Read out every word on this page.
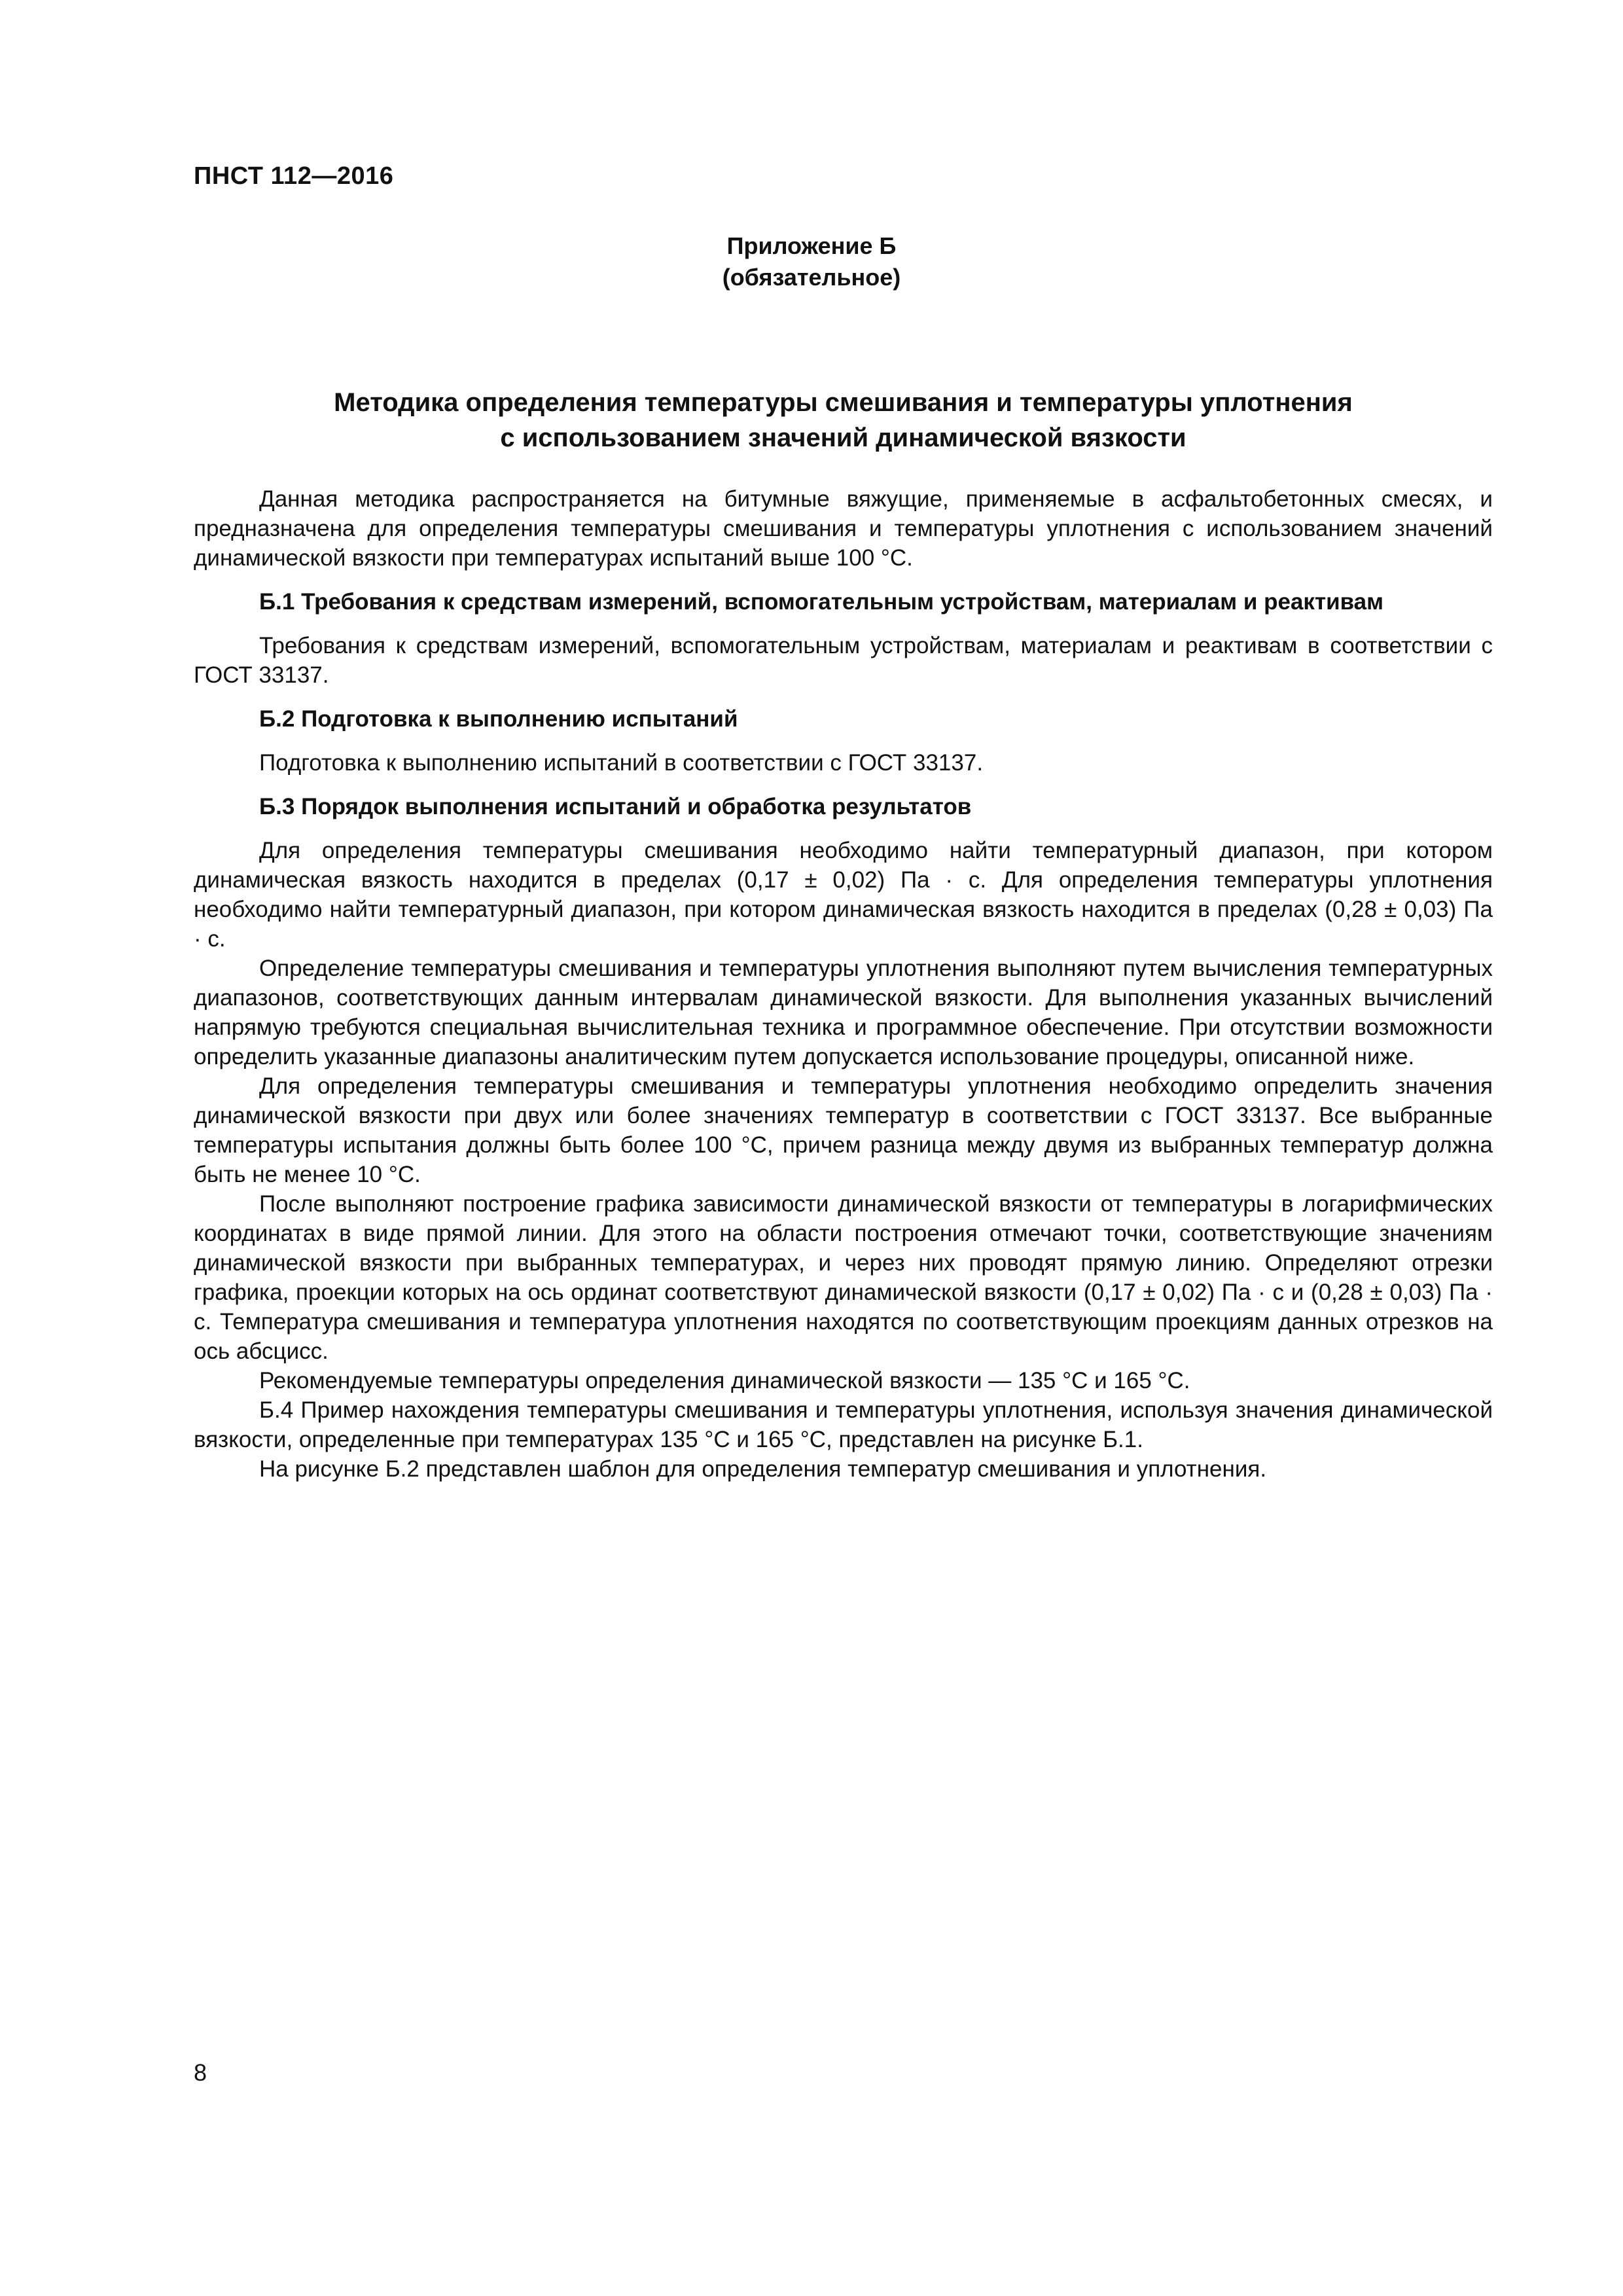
ПНСТ 112—2016
Приложение Б
(обязательное)
Методика определения температуры смешивания и температуры уплотнения
с использованием значений динамической вязкости

Данная методика распространяется на битумные вяжущие, применяемые в асфальтобетонных смесях, и предназначена для определения температуры смешивания и температуры уплотнения с использованием значений динамической вязкости при температурах испытаний выше 100 °С.

Б.1 Требования к средствам измерений, вспомогательным устройствам, материалам и реактивам

Требования к средствам измерений, вспомогательным устройствам, материалам и реактивам в соответствии с ГОСТ 33137.

Б.2 Подготовка к выполнению испытаний

Подготовка к выполнению испытаний в соответствии с ГОСТ 33137.

Б.3 Порядок выполнения испытаний и обработка результатов

Для определения температуры смешивания необходимо найти температурный диапазон, при котором динамическая вязкость находится в пределах (0,17 ± 0,02) Па · с. Для определения температуры уплотнения необходимо найти температурный диапазон, при котором динамическая вязкость находится в пределах (0,28 ± 0,03) Па · с.

Определение температуры смешивания и температуры уплотнения выполняют путем вычисления температурных диапазонов, соответствующих данным интервалам динамической вязкости. Для выполнения указанных вычислений напрямую требуются специальная вычислительная техника и программное обеспечение. При отсутствии возможности определить указанные диапазоны аналитическим путем допускается использование процедуры, описанной ниже.

Для определения температуры смешивания и температуры уплотнения необходимо определить значения динамической вязкости при двух или более значениях температур в соответствии с ГОСТ 33137. Все выбранные температуры испытания должны быть более 100 °С, причем разница между двумя из выбранных температур должна быть не менее 10 °С.

После выполняют построение графика зависимости динамической вязкости от температуры в логарифмических координатах в виде прямой линии. Для этого на области построения отмечают точки, соответствующие значениям динамической вязкости при выбранных температурах, и через них проводят прямую линию. Определяют отрезки графика, проекции которых на ось ординат соответствуют динамической вязкости (0,17 ± 0,02) Па · с и (0,28 ± 0,03) Па · с. Температура смешивания и температура уплотнения находятся по соответствующим проекциям данных отрезков на ось абсцисс.

Рекомендуемые температуры определения динамической вязкости — 135 °С и 165 °С.

Б.4 Пример нахождения температуры смешивания и температуры уплотнения, используя значения динамической вязкости, определенные при температурах 135 °С и 165 °С, представлен на рисунке Б.1.

На рисунке Б.2 представлен шаблон для определения температур смешивания и уплотнения.

8
